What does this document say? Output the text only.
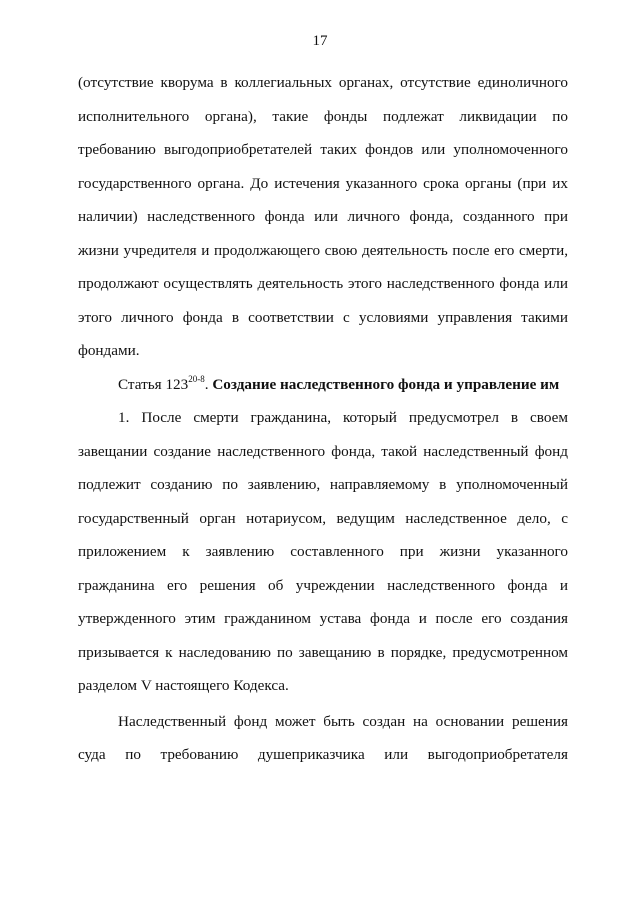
17

(отсутствие кворума в коллегиальных органах, отсутствие единоличного исполнительного органа), такие фонды подлежат ликвидации по требованию выгодоприобретателей таких фондов или уполномоченного государственного органа. До истечения указанного срока органы (при их наличии) наследственного фонда или личного фонда, созданного при жизни учредителя и продолжающего свою деятельность после его смерти, продолжают осуществлять деятельность этого наследственного фонда или этого личного фонда в соответствии с условиями управления такими фондами.

Статья 123$^{20-8}$. Создание наследственного фонда и управление им

1. После смерти гражданина, который предусмотрел в своем завещании создание наследственного фонда, такой наследственный фонд подлежит созданию по заявлению, направляемому в уполномоченный государственный орган нотариусом, ведущим наследственное дело, с приложением к заявлению составленного при жизни указанного гражданина его решения об учреждении наследственного фонда и утвержденного этим гражданином устава фонда и после его создания призывается к наследованию по завещанию в порядке, предусмотренном разделом V настоящего Кодекса.

Наследственный фонд может быть создан на основании решения суда по требованию душеприказчика или выгодоприобретателя
